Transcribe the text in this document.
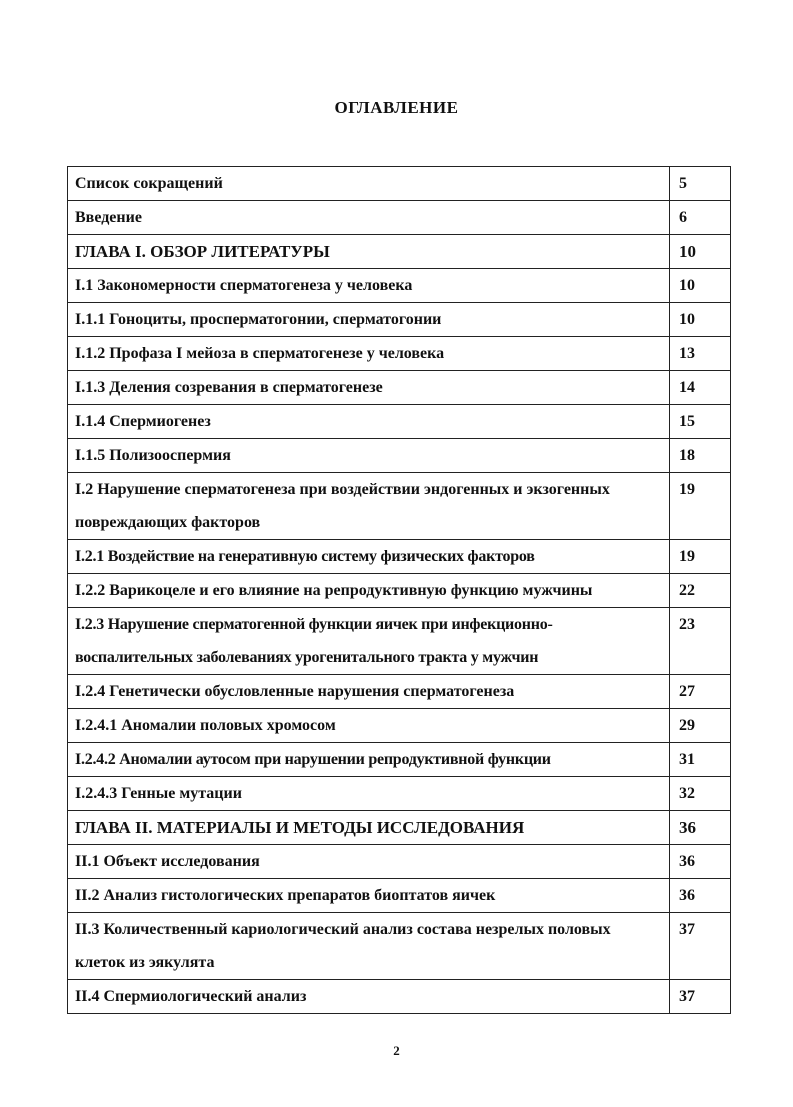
ОГЛАВЛЕНИЕ
Список сокращений	5
Введение	6
ГЛАВА I. ОБЗОР ЛИТЕРАТУРЫ	10
I.1 Закономерности сперматогенеза у человека	10
I.1.1 Гоноциты, просперматогонии, сперматогонии	10
I.1.2 Профаза I мейоза в сперматогенезе у человека	13
I.1.3 Деления созревания в сперматогенезе	14
I.1.4 Спермиогенез	15
I.1.5 Полизооспермия	18
I.2 Нарушение сперматогенеза при воздействии эндогенных и экзогенных повреждающих факторов	19
I.2.1 Воздействие на генеративную систему физических факторов	19
I.2.2 Варикоцеле и его влияние на репродуктивную функцию мужчины	22
I.2.3 Нарушение сперматогенной функции яичек при инфекционно-воспалительных заболеваниях урогенитального тракта у мужчин	23
I.2.4 Генетически обусловленные нарушения сперматогенеза	27
I.2.4.1 Аномалии половых хромосом	29
I.2.4.2 Аномалии аутосом при нарушении репродуктивной функции	31
I.2.4.3 Генные мутации	32
ГЛАВА II. МАТЕРИАЛЫ И МЕТОДЫ ИССЛЕДОВАНИЯ	36
II.1 Объект исследования	36
II.2 Анализ гистологических препаратов биоптатов яичек	36
II.3 Количественный кариологический анализ состава незрелых половых клеток из эякулята	37
II.4 Спермиологический анализ	37
2
